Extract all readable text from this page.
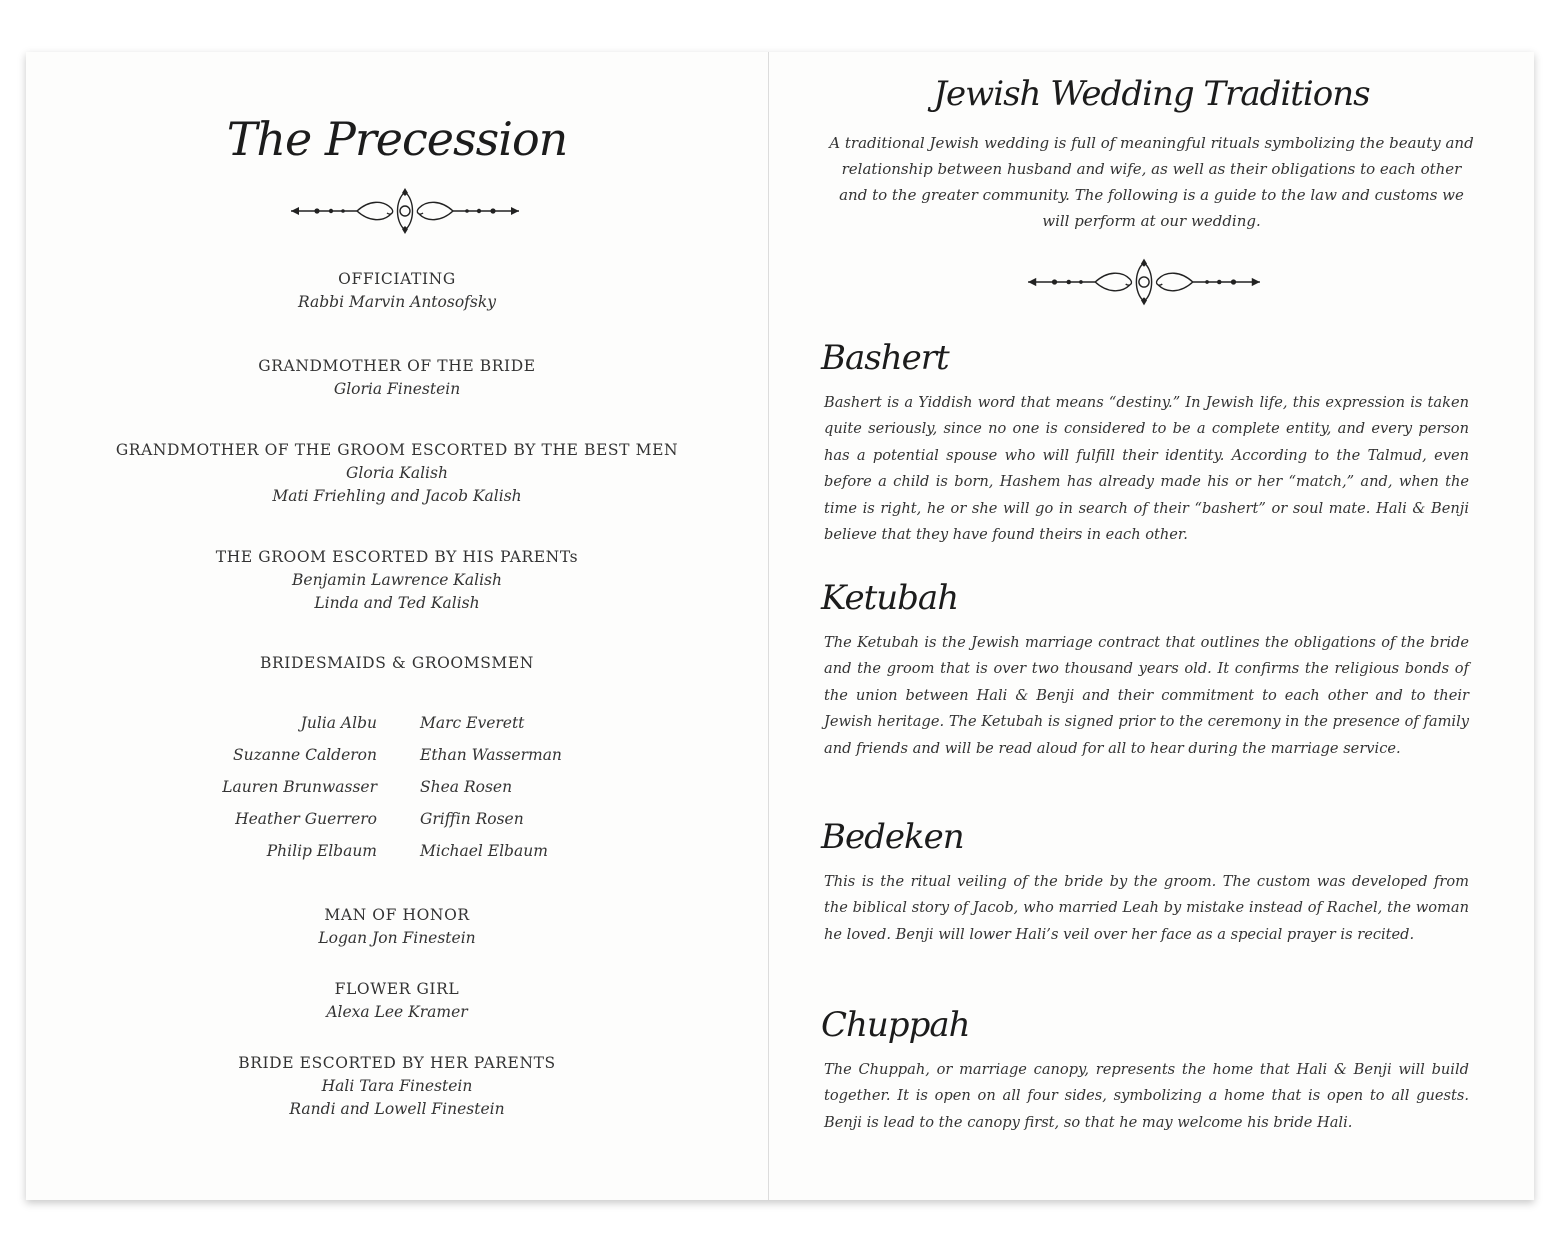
The Precession
OFFICIATING
Rabbi Marvin Antosofsky
GRANDMOTHER OF THE BRIDE
Gloria Finestein
GRANDMOTHER OF THE GROOM ESCORTED BY THE BEST MEN
Gloria Kalish
Mati Friehling and Jacob Kalish
THE GROOM ESCORTED BY HIS PARENTs
Benjamin Lawrence Kalish
Linda and Ted Kalish
BRIDESMAIDS & GROOMSMEN
Julia Albu
Suzanne Calderon
Lauren Brunwasser
Heather Guerrero
Philip Elbaum
Marc Everett
Ethan Wasserman
Shea Rosen
Griffin Rosen
Michael Elbaum
MAN OF HONOR
Logan Jon Finestein
FLOWER GIRL
Alexa Lee Kramer
BRIDE ESCORTED BY HER PARENTS
Hali Tara Finestein
Randi and Lowell Finestein
Jewish Wedding Traditions
A traditional Jewish wedding is full of meaningful rituals symbolizing the beauty and relationship between husband and wife, as well as their obligations to each other and to the greater community. The following is a guide to the law and customs we will perform at our wedding.
Bashert
Bashert is a Yiddish word that means “destiny.” In Jewish life, this expression is taken quite seriously, since no one is considered to be a complete entity, and every person has a potential spouse who will fulfill their identity. According to the Talmud, even before a child is born, Hashem has already made his or her “match,” and, when the time is right, he or she will go in search of their “bashert” or soul mate. Hali & Benji believe that they have found theirs in each other.
Ketubah
The Ketubah is the Jewish marriage contract that outlines the obligations of the bride and the groom that is over two thousand years old. It confirms the religious bonds of the union between Hali & Benji and their commitment to each other and to their Jewish heritage. The Ketubah is signed prior to the ceremony in the presence of family and friends and will be read aloud for all to hear during the marriage service.
Bedeken
This is the ritual veiling of the bride by the groom. The custom was developed from the biblical story of Jacob, who married Leah by mistake instead of Rachel, the woman he loved. Benji will lower Hali’s veil over her face as a special prayer is recited.
Chuppah
The Chuppah, or marriage canopy, represents the home that Hali & Benji will build together. It is open on all four sides, symbolizing a home that is open to all guests. Benji is lead to the canopy first, so that he may welcome his bride Hali.
